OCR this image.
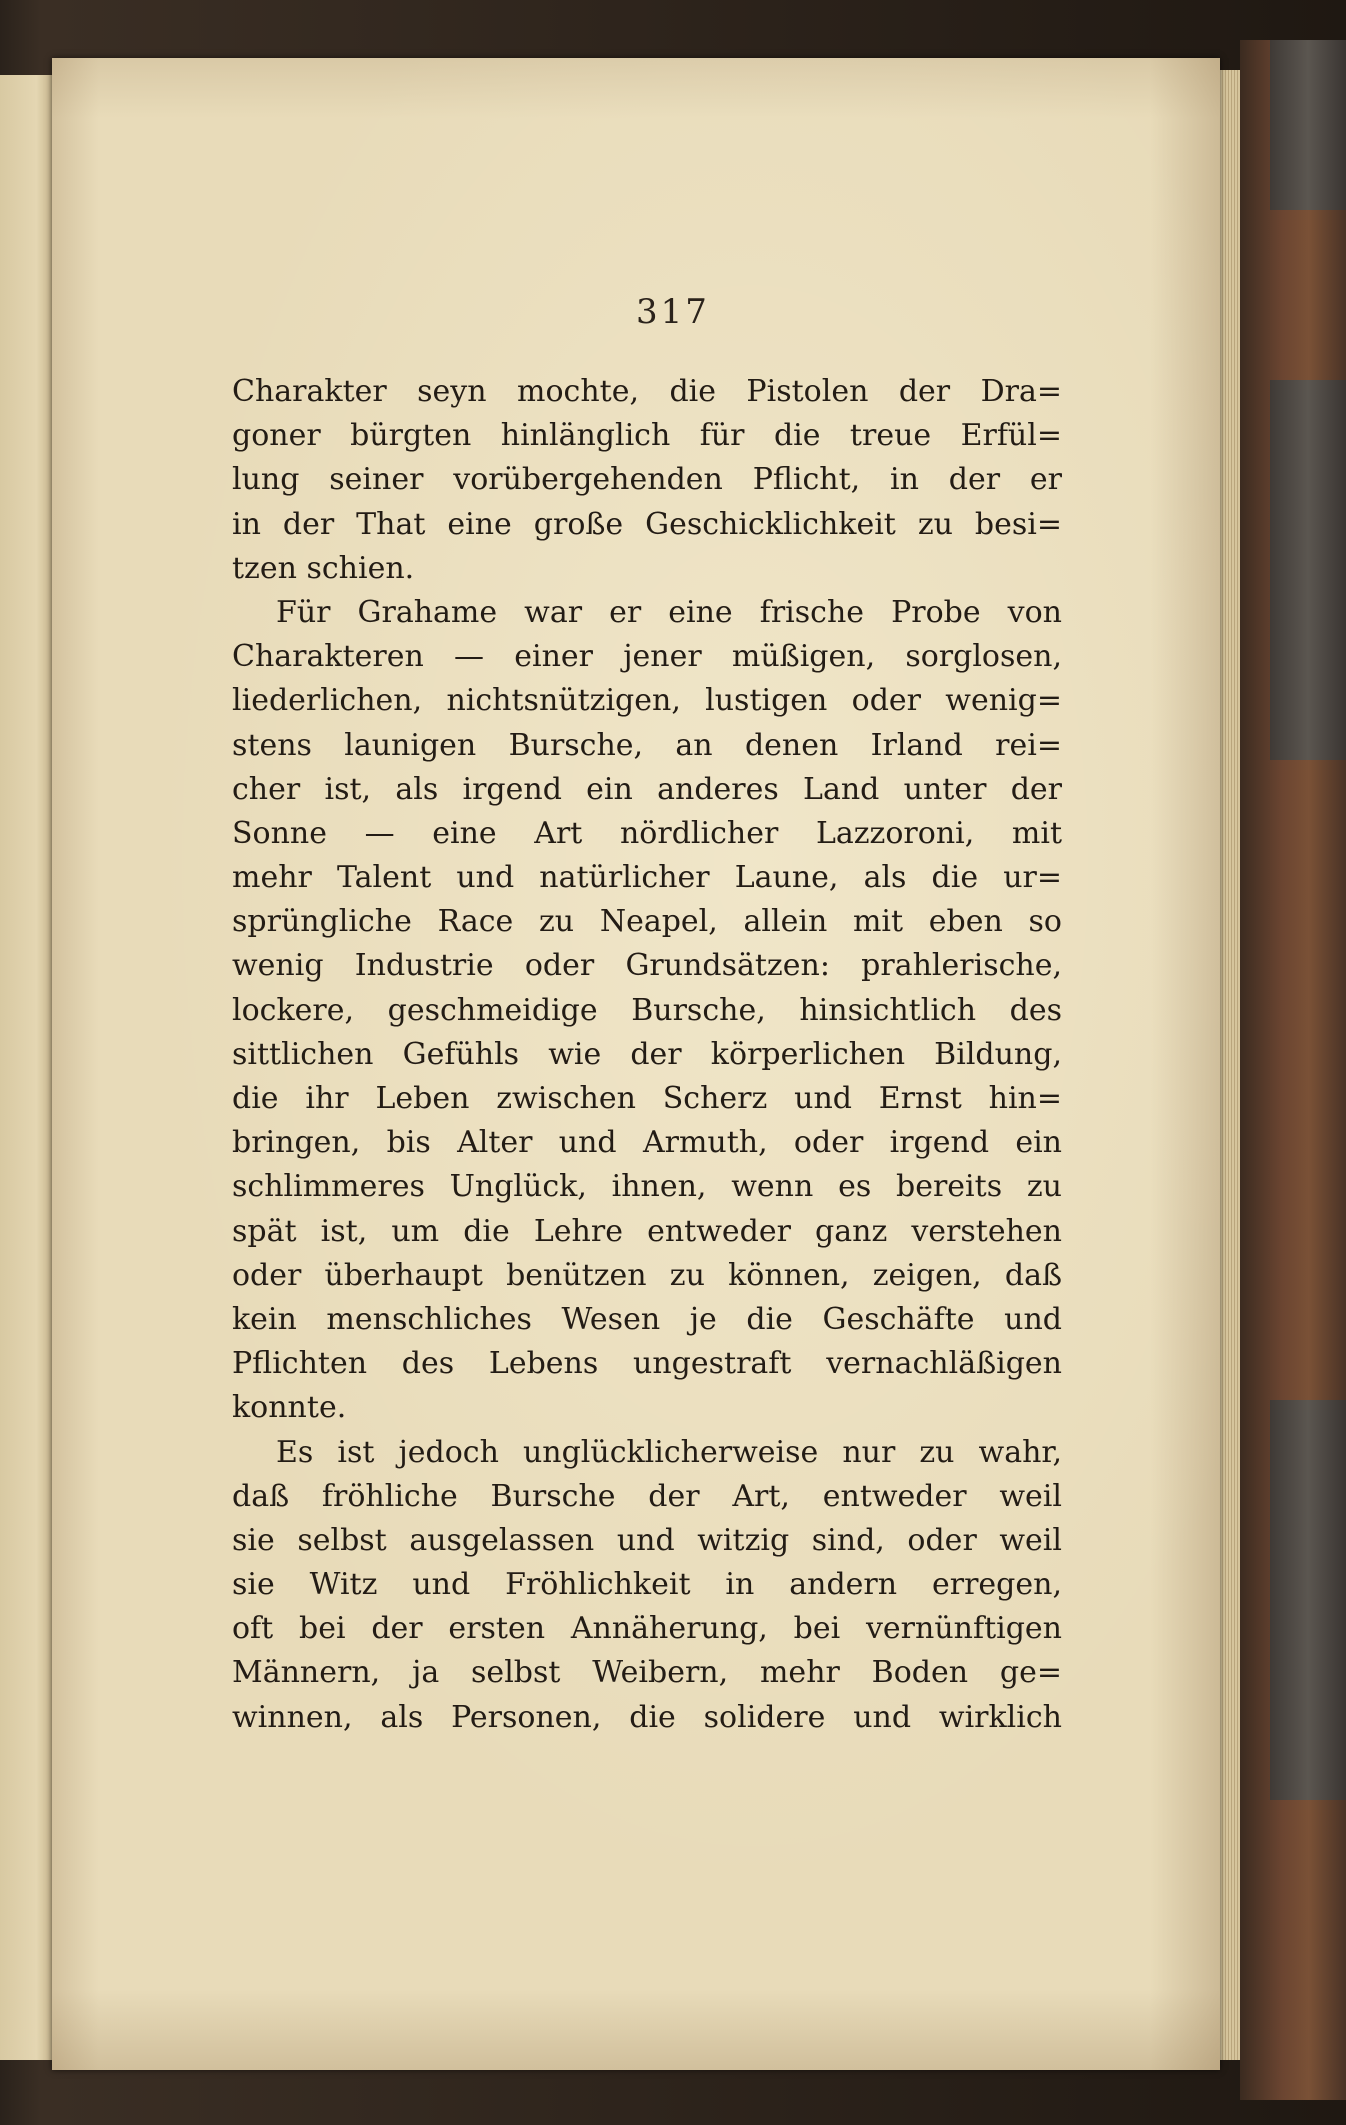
317
Charakter seyn mochte, die Pistolen der Dra=
goner bürgten hinlänglich für die treue Erfül=
lung seiner vorübergehenden Pflicht, in der er
in der That eine große Geschicklichkeit zu besi=
tzen schien.
Für Grahame war er eine frische Probe von
Charakteren — einer jener müßigen, sorglosen,
liederlichen, nichtsnützigen, lustigen oder wenig=
stens launigen Bursche, an denen Irland rei=
cher ist, als irgend ein anderes Land unter der
Sonne — eine Art nördlicher Lazzoroni, mit
mehr Talent und natürlicher Laune, als die ur=
sprüngliche Race zu Neapel, allein mit eben so
wenig Industrie oder Grundsätzen: prahlerische,
lockere, geschmeidige Bursche, hinsichtlich des
sittlichen Gefühls wie der körperlichen Bildung,
die ihr Leben zwischen Scherz und Ernst hin=
bringen, bis Alter und Armuth, oder irgend ein
schlimmeres Unglück, ihnen, wenn es bereits zu
spät ist, um die Lehre entweder ganz verstehen
oder überhaupt benützen zu können, zeigen, daß
kein menschliches Wesen je die Geschäfte und
Pflichten des Lebens ungestraft vernachläßigen
konnte.
Es ist jedoch unglücklicherweise nur zu wahr,
daß fröhliche Bursche der Art, entweder weil
sie selbst ausgelassen und witzig sind, oder weil
sie Witz und Fröhlichkeit in andern erregen,
oft bei der ersten Annäherung, bei vernünftigen
Männern, ja selbst Weibern, mehr Boden ge=
winnen, als Personen, die solidere und wirklich
